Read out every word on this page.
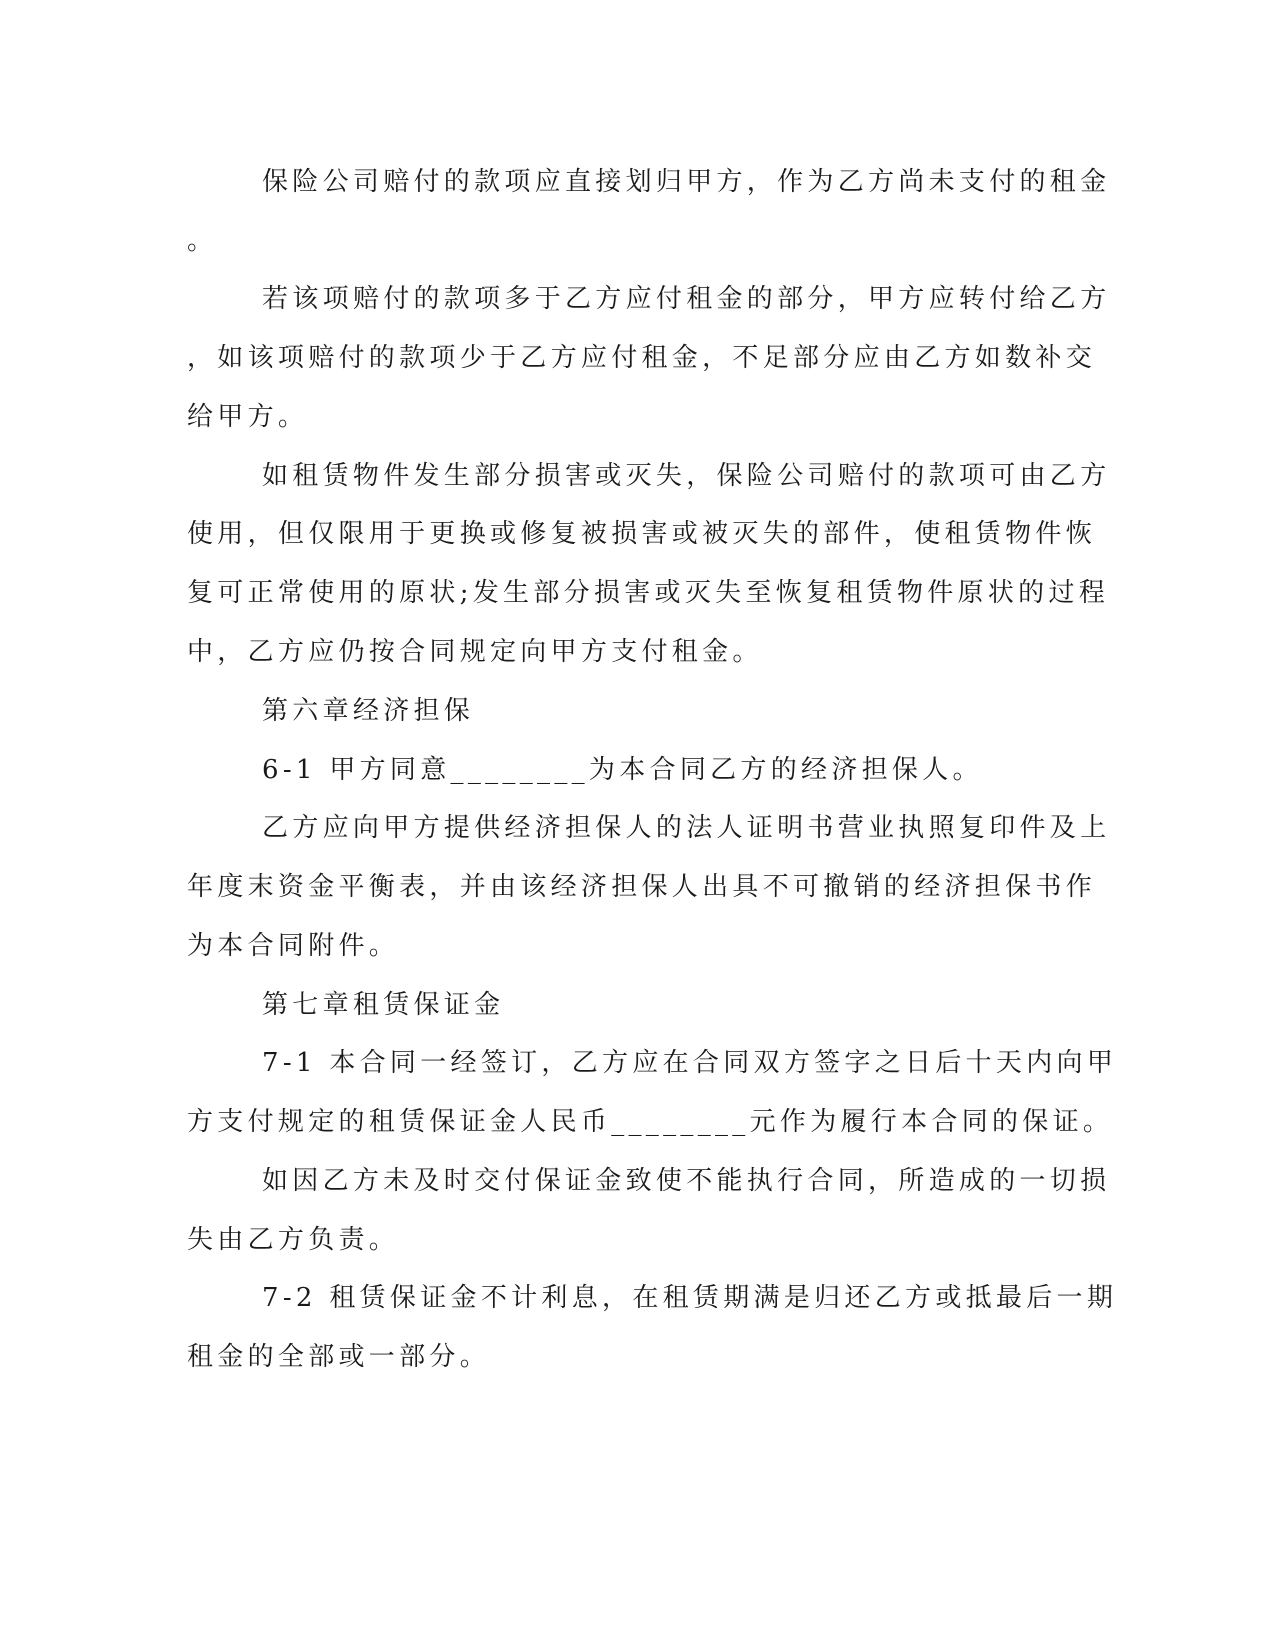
保险公司赔付的款项应直接划归甲方，作为乙方尚未支付的租金
。
若该项赔付的款项多于乙方应付租金的部分，甲方应转付给乙方
，如该项赔付的款项少于乙方应付租金，不足部分应由乙方如数补交
给甲方。
如租赁物件发生部分损害或灭失，保险公司赔付的款项可由乙方
使用，但仅限用于更换或修复被损害或被灭失的部件，使租赁物件恢
复可正常使用的原状;发生部分损害或灭失至恢复租赁物件原状的过程
中，乙方应仍按合同规定向甲方支付租金。
第六章经济担保
6-1 甲方同意________为本合同乙方的经济担保人。
乙方应向甲方提供经济担保人的法人证明书营业执照复印件及上
年度末资金平衡表，并由该经济担保人出具不可撤销的经济担保书作
为本合同附件。
第七章租赁保证金
7-1 本合同一经签订，乙方应在合同双方签字之日后十天内向甲
方支付规定的租赁保证金人民币________元作为履行本合同的保证。
如因乙方未及时交付保证金致使不能执行合同，所造成的一切损
失由乙方负责。
7-2 租赁保证金不计利息，在租赁期满是归还乙方或抵最后一期
租金的全部或一部分。
